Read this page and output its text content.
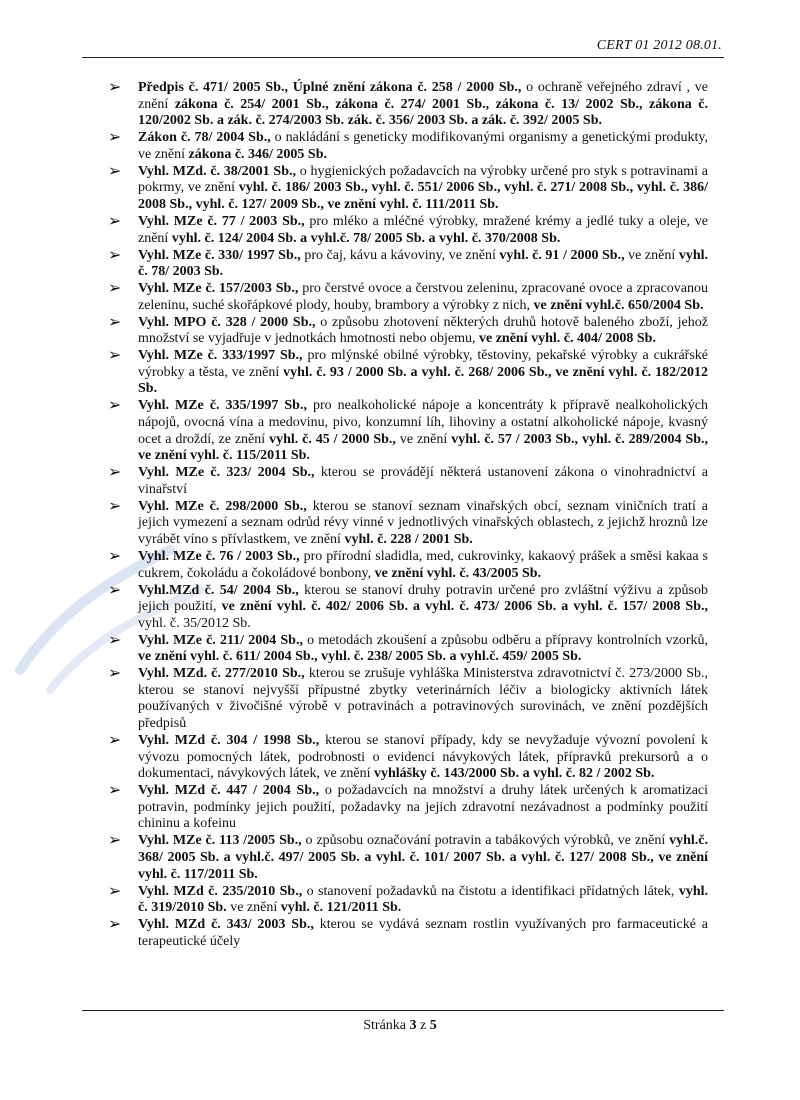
CERT 01 2012 08.01.
➢ Předpis č. 471/ 2005 Sb., Úplné znění zákona č. 258 / 2000 Sb., o ochraně veřejného zdraví , ve znění zákona č. 254/ 2001 Sb., zákona č. 274/ 2001 Sb., zákona č. 13/ 2002 Sb., zákona č. 120/2002 Sb. a zák. č. 274/2003 Sb. zák. č. 356/ 2003 Sb. a zák. č. 392/ 2005 Sb.
➢ Zákon č. 78/ 2004 Sb., o nakládání s geneticky modifikovanými organismy a genetickými produkty, ve znění zákona č. 346/ 2005 Sb.
➢ Vyhl. MZd. č. 38/2001 Sb., o hygienických požadavcích na výrobky určené pro styk s potravinami a pokrmy, ve znění vyhl. č. 186/ 2003 Sb., vyhl. č. 551/ 2006 Sb., vyhl. č. 271/ 2008 Sb., vyhl. č. 386/ 2008 Sb., vyhl. č. 127/ 2009 Sb., ve znění vyhl. č. 111/2011 Sb.
➢ Vyhl. MZe č. 77 / 2003 Sb., pro mléko a mléčné výrobky, mražené krémy a jedlé tuky a oleje, ve znění vyhl. č. 124/ 2004 Sb. a vyhl.č. 78/ 2005 Sb. a vyhl. č. 370/2008 Sb.
➢ Vyhl. MZe č. 330/ 1997 Sb., pro čaj, kávu a kávoviny, ve znění vyhl. č. 91 / 2000 Sb., ve znění vyhl. č. 78/ 2003 Sb.
➢ Vyhl. MZe č. 157/2003 Sb., pro čerstvé ovoce a čerstvou zeleninu, zpracované ovoce a zpracovanou zeleninu, suché skořápkové plody, houby, brambory a výrobky z nich, ve znění vyhl.č. 650/2004 Sb.
➢ Vyhl. MPO č. 328 / 2000 Sb., o způsobu zhotovení některých druhů hotově baleného zboží, jehož množství se vyjadřuje v jednotkách hmotnosti nebo objemu, ve znění vyhl. č. 404/ 2008 Sb.
➢ Vyhl. MZe č. 333/1997 Sb., pro mlýnské obilné výrobky, těstoviny, pekařské výrobky a cukrářské výrobky a těsta, ve znění vyhl. č. 93 / 2000 Sb. a vyhl. č. 268/ 2006 Sb., ve znění vyhl. č. 182/2012 Sb.
➢ Vyhl. MZe č. 335/1997 Sb., pro nealkoholické nápoje a koncentráty k přípravě nealkoholických nápojů, ovocná vína a medovinu, pivo, konzumní líh, lihoviny a ostatní alkoholické nápoje, kvasný ocet a droždí, ze znění vyhl. č. 45 / 2000 Sb., ve znění vyhl. č. 57 / 2003 Sb., vyhl. č. 289/2004 Sb., ve znění vyhl. č. 115/2011 Sb.
➢ Vyhl. MZe č. 323/ 2004 Sb., kterou se provádějí některá ustanovení zákona o vinohradnictví a vinařství
➢ Vyhl. MZe č. 298/2000 Sb., kterou se stanoví seznam vinařských obcí, seznam viničních tratí a jejich vymezení a seznam odrůd révy vinné v jednotlivých vinařských oblastech, z jejichž hroznů lze vyrábět víno s přívlastkem, ve znění vyhl. č. 228 / 2001 Sb.
➢ Vyhl. MZe č. 76 / 2003 Sb., pro přírodní sladidla, med, cukrovinky, kakaový prášek a směsi kakaa s cukrem, čokoládu a čokoládové bonbony, ve znění vyhl. č. 43/2005 Sb.
➢ Vyhl.MZd č. 54/ 2004 Sb., kterou se stanoví druhy potravin určené pro zvláštní výživu a způsob jejich použití, ve znění vyhl. č. 402/ 2006 Sb. a vyhl. č. 473/ 2006 Sb. a vyhl. č. 157/ 2008 Sb., vyhl. č. 35/2012 Sb.
➢ Vyhl. MZe č. 211/ 2004 Sb., o metodách zkoušení a způsobu odběru a přípravy kontrolních vzorků, ve znění vyhl. č. 611/ 2004 Sb., vyhl. č. 238/ 2005 Sb. a vyhl.č. 459/ 2005 Sb.
➢ Vyhl. MZd. č. 277/2010 Sb., kterou se zrušuje vyhláška Ministerstva zdravotnictví č. 273/2000 Sb., kterou se stanoví nejvyšší přípustné zbytky veterinárních léčiv a biologicky aktivních látek používaných v živočišné výrobě v potravinách a potravinových surovinách, ve znění pozdějších předpisů
➢ Vyhl. MZd č. 304 / 1998 Sb., kterou se stanoví případy, kdy se nevyžaduje vývozní povolení k vývozu pomocných látek, podrobnosti o evidenci návykových látek, přípravků prekursorů a o dokumentaci, návykových látek, ve znění vyhlášky č. 143/2000 Sb. a vyhl. č. 82 / 2002 Sb.
➢ Vyhl. MZd č. 447 / 2004 Sb., o požadavcích na množství a druhy látek určených k aromatizaci potravin, podmínky jejich použití, požadavky na jejich zdravotní nezávadnost a podmínky použití chininu a kofeinu
➢ Vyhl. MZe č. 113 /2005 Sb., o způsobu označování potravin a tabákových výrobků, ve znění vyhl.č. 368/ 2005 Sb. a vyhl.č. 497/ 2005 Sb. a vyhl. č. 101/ 2007 Sb. a vyhl. č. 127/ 2008 Sb., ve znění vyhl. č. 117/2011 Sb.
➢ Vyhl. MZd č. 235/2010 Sb., o stanovení požadavků na čistotu a identifikaci přídatných látek, vyhl. č. 319/2010 Sb. ve znění vyhl. č. 121/2011 Sb.
➢ Vyhl. MZd č. 343/ 2003 Sb., kterou se vydává seznam rostlin využívaných pro farmaceutické a terapeutické účely
Stránka 3 z 5
